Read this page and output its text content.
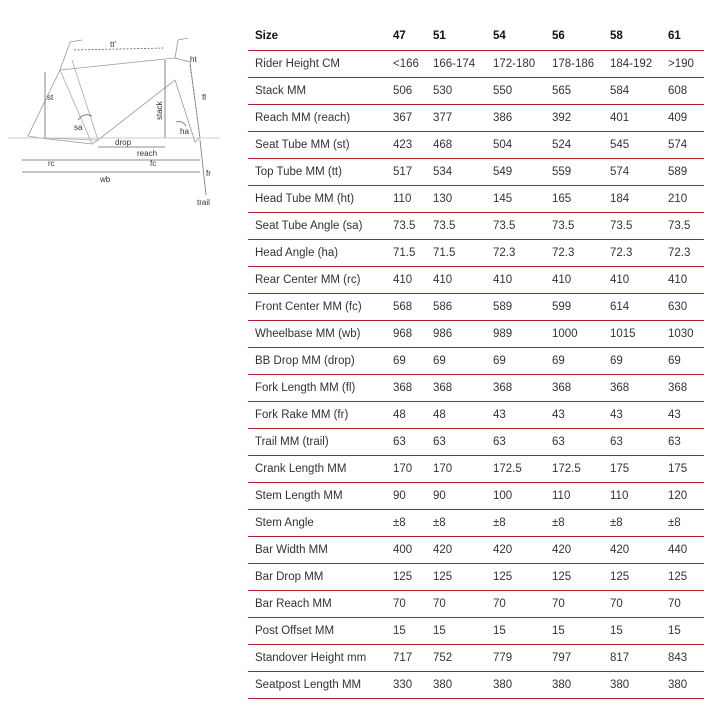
tt'
ht
st
stack
fl
sa	ha
drop
reach
rc	fc
wb
fr
trail
Size	47	51	54	56	58	61
Rider Height CM	<166	166-174	172-180	178-186	184-192	>190
Stack MM	506	530	550	565	584	608
Reach MM (reach)	367	377	386	392	401	409
Seat Tube MM (st)	423	468	504	524	545	574
Top Tube MM (tt)	517	534	549	559	574	589
Head Tube MM (ht)	110	130	145	165	184	210
Seat Tube Angle (sa)	73.5	73.5	73.5	73.5	73.5	73.5
Head Angle (ha)	71.5	71.5	72.3	72.3	72.3	72.3
Rear Center MM (rc)	410	410	410	410	410	410
Front Center MM (fc)	568	586	589	599	614	630
Wheelbase MM (wb)	968	986	989	1000	1015	1030
BB Drop MM (drop)	69	69	69	69	69	69
Fork Length MM (fl)	368	368	368	368	368	368
Fork Rake MM (fr)	48	48	43	43	43	43
Trail MM (trail)	63	63	63	63	63	63
Crank Length MM	170	170	172.5	172.5	175	175
Stem Length MM	90	90	100	110	110	120
Stem Angle	±8	±8	±8	±8	±8	±8
Bar Width MM	400	420	420	420	420	440
Bar Drop MM	125	125	125	125	125	125
Bar Reach MM	70	70	70	70	70	70
Post Offset MM	15	15	15	15	15	15
Standover Height mm	717	752	779	797	817	843
Seatpost Length MM	330	380	380	380	380	380
